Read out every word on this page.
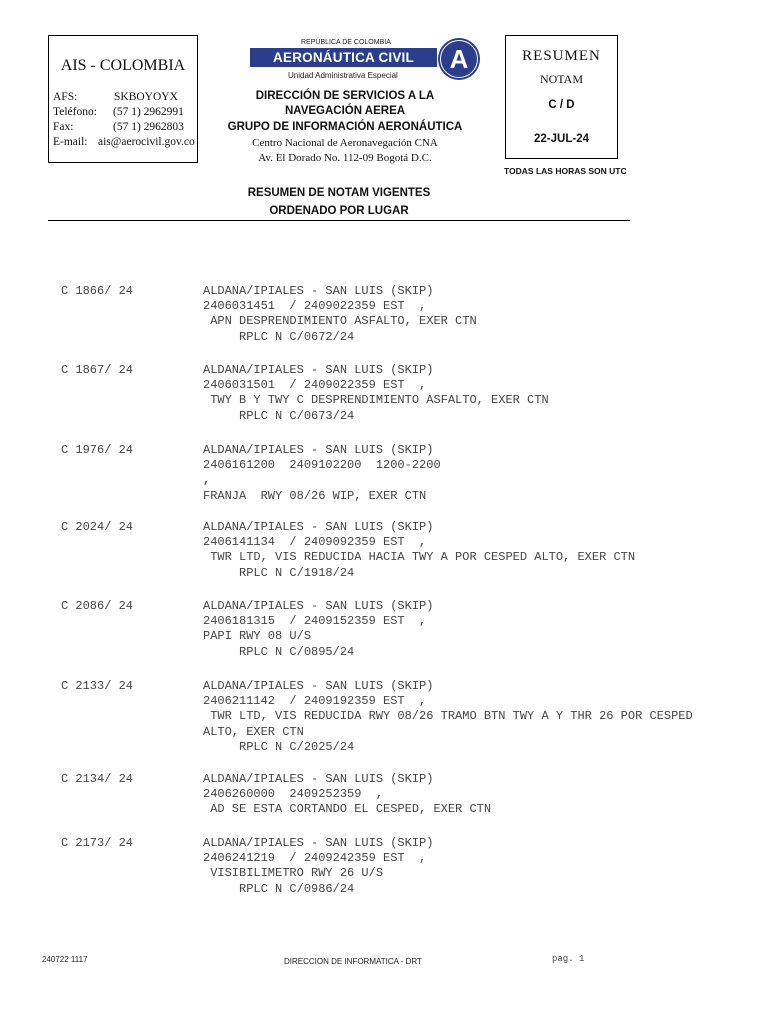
AIS - COLOMBIA
AFS:	SKBOYOYX
Teléfono: (57 1) 2962991
Fax:	(57 1) 2962803
E-mail: ais@aerocivil.gov.co
REPÚBLICA DE COLOMBIA
AERONÁUTICA CIVIL	A
Unidad Administrativa Especial
DIRECCIÓN DE SERVICIOS A LA
NAVEGACIÓN AEREA
GRUPO DE INFORMACIÓN AERONÁUTICA
Centro Nacional de Aeronavegación CNA
Av. El Dorado No. 112-09 Bogotá D.C.
RESUMEN
NOTAM
C / D
22-JUL-24
TODAS LAS HORAS SON UTC
RESUMEN DE NOTAM VIGENTES
ORDENADO POR LUGAR
C 1866/ 24	ALDANA/IPIALES - SAN LUIS (SKIP)
2406031451  / 2409022359 EST  ,
APN DESPRENDIMIENTO ASFALTO, EXER CTN
RPLC N C/0672/24
C 1867/ 24	ALDANA/IPIALES - SAN LUIS (SKIP)
2406031501  / 2409022359 EST  ,
TWY B Y TWY C DESPRENDIMIENTO ASFALTO, EXER CTN
RPLC N C/0673/24
C 1976/ 24	ALDANA/IPIALES - SAN LUIS (SKIP)
2406161200  2409102200  1200-2200
,
FRANJA  RWY 08/26 WIP, EXER CTN
C 2024/ 24	ALDANA/IPIALES - SAN LUIS (SKIP)
2406141134  / 2409092359 EST  ,
TWR LTD, VIS REDUCIDA HACIA TWY A POR CESPED ALTO, EXER CTN
RPLC N C/1918/24
C 2086/ 24	ALDANA/IPIALES - SAN LUIS (SKIP)
2406181315  / 2409152359 EST  ,
PAPI RWY 08 U/S
RPLC N C/0895/24
C 2133/ 24	ALDANA/IPIALES - SAN LUIS (SKIP)
2406211142  / 2409192359 EST  ,
TWR LTD, VIS REDUCIDA RWY 08/26 TRAMO BTN TWY A Y THR 26 POR CESPED
ALTO, EXER CTN
RPLC N C/2025/24
C 2134/ 24	ALDANA/IPIALES - SAN LUIS (SKIP)
2406260000  2409252359  ,
AD SE ESTA CORTANDO EL CESPED, EXER CTN
C 2173/ 24	ALDANA/IPIALES - SAN LUIS (SKIP)
2406241219  / 2409242359 EST  ,
VISIBILIMETRO RWY 26 U/S
RPLC N C/0986/24
240722 1117	DIRECCION DE INFORMATICA - DRT	pag. 1
